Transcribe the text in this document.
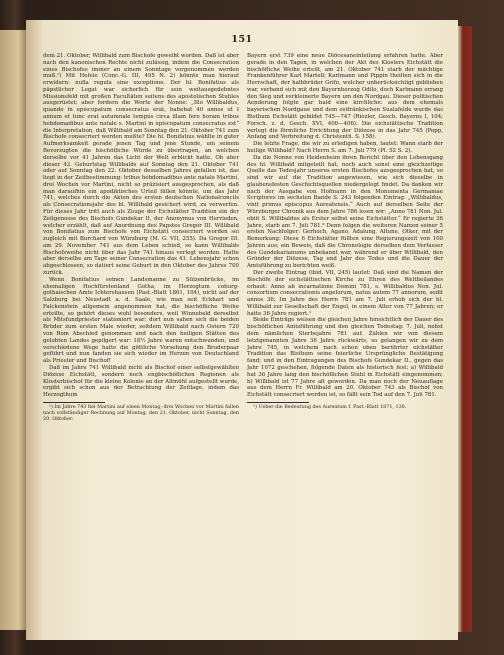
151

dem 21. Oktober, Willibald zum Bischofe geweiht worden. Daß ist aber nach den kanonischen Rechte nicht zulässig, indem die Consecration eines Bischofes immer an einem Sonntage vorgenommen werden muß.¹) Mit Hefele (Conc.-G. III, 495 N. 2) könnte man hierauf erwidern: nulla regula sine exceptione. Der hl. Bonifatius als päpstlicher Legat war sicherlich für sein weitausgedehntes Missionsfeld mit großen Facultäten seitens des apostolischen Stuhles ausgerüstet; aber fordern die Worte der Nonne: „Illo Willibaldus, quando in episcopatum consecratus erat, habebat 40 annos et I annum et tunc erat autumnale tempus circa illam fero horam tribus hebdomadibus ante natale s. Martini in episcopatum consecratus est“ die Interpretation, daß Willibald am Sonntag den 21. Oktober 741 zum Bischofe consecriert werden mußte? Die hl. Bonifatius wählte in guter Aufmerksamkeit gerade jenen Tag und jene Stunde, um seinem Bevorzugten die bischöfliche Würde zu übertragen, an welchen derselbe vor 41 Jahren das Licht der Welt erblickt hatte. Ob aber dieser 42. Geburtstag Willibalds auf Sonntag den 21. Oktober 741 oder auf Sonntag den 22. Oktober desselben Jahres gefallen ist, das liegt in der Zeitbestimmung: tribus hebdomadibus ante natale Martini, drei Wochen vor Martini, nicht so präzisiert ausgesprochen, als daß man daraufhin ein apodiktisches Urteil fällen könnte, um das Jahr 741, welches durch die Akten des ersten deutschen Nationalconcils als Consecrationsjahr des hl. Willibald gesichert wird, zu verwerfen. Für dieses Jahr tritt auch als Zeuge der Eichstätter Tradition ein der Zeitgenosse des Bischofs Gundekar II, der Anonymus von Herrieden, welcher erzählt, daß auf Anordnung des Papstes Gregor III. Willibald von Bonifatius zum Bischofe von Eichstätt consecriert worden sei zugleich mit Burchard von Würzburg (M. G. VII, 255). Da Gregor III. am 29. November 741 aus dem Leben schied, so kann Willibalds Bischofsweihe nicht über das Jahr 741 hinaus verlegt werden. Hatte aber derselbe am Tage seiner Consecration das 41. Lebensjahr schon abgeschlossen, so datiert seine Geburt in den Oktober des Jahres 700 zurück.

Wenn Bonifatius seinen Landsmanne zu Sülzenbrücke, im ehemaligen Hochfürstenland Gotha, im Herzogtum coburg-gothaischen Amte Ichtershausen (Past.-Blatt 1861, 104), nicht auf der Salzburg bei Neustadt a. d. Saale, wie man seit Eckhart und Falckenstein allgemein angenommen hat, die bischöfliche Weihe erteilte, so gehört dieses wohl besonders, weil Winnebald derselbst als Mitsfundpriester stationiert war: dort nun sahen sich die beiden Brüder zum ersten Male wieder, seitdem Willibald nach Ostern 720 von Rom Abschied genommen und nach den heiligen Stätten des gelobten Landes gepilgert war: 18½ Jahre waren entschwunden; und verschiedene Wege hatte die göttliche Vorsehung den Bruderpaar geführt und nun fanden sie sich wieder im Herzen von Deutschland als Priester und Bischof!

Daß im Jahre 741 Willibald nicht als Bischof einer selbstgewählten Diözese Eichstätt, sondern noch engbischöflichen Regionen als Klosterbischof für die kleine Kolonie an der Altmühl aufgestellt wurde, ergibt sich schon aus der Betrachtung der Zeitlage, indem das Herzogthum

¹) Im Jahre 743 fiel Martini auf einen Montag; drei Wochen vor Martini fallen nach vollständiger Rechnung auf Montag, den 21. Oktober, nicht Sonntag, den 20. Oktober.

Bayern erst 739 eine neue Diöcesaneinteilung erfahren hatte. Aber gerade in den Tagen, in welchen der Akt des Klosters Eichstätt die bischöfliche Weihe erteilt, am 21. Oktober 741 starb der mächtige Frankenführer Karl Martell; Karlmann und Pippin theilten sich in die Herrschaft, der halbbrüder Grifo, welcher unberücksichtigt geblieben war, verband sich mit den Bayernherzog Odilo, doch Karlmann errang den Sieg und verkleinerte Bayern um den Nordgau. Dieser politischen Aenderung folgte gar bald eine kirchliche: aus dem ehemals bayerischen Nordgaue und dem ostfränkischen Sualafelde wurde das Bisthum Eichstätt gebildet 745—747 (Riezler, Gesch. Bayerns I, 104; Forsch. z. d. Gesch. XVI, 400—406). Die eichstättische Tradition verlegt die förmliche Errichtung der Diözese in das Jahr 745 (Popp, Anfang und Verbreitung d. Christenth. S. 158).

Die letzte Frage, die wir zu erledigen haben, lautet: Wann starb der heilige Willibald? Nach Herrn S. am 7. Juli 779 (Pl. 52 S. 2).

Da die Nonne von Heidenheim ihren Bericht über den Lebensgang des hl. Willibald mitgeteilt hat, noch auch sonst eine gleichzeitige Quelle das Todesjahr unseres ersten Bischofes ausgesprochen hat, so sind wir auf die Tradition angewiesen, wie sich dieselbe in glaubensfesten Geschichtsquellen niedergelegt findet. Da danken wir nach der Ausgabe von Hofmann in den Monumenta Germaniae Scriptores im sechsten Bande S. 243 folgenden Eintrag: „Willibaldus, vixit primus episcopus Aureatensis.“ Auch auf derselben Seite der Würzburger Chronik aus dem Jahre 786 lesen wir: „Anno 781 Non. Jul. obiit S. Willibaldus als Erster selbst seine Eichstätter.“ Er regierte 36 Jahre, starb am 7. Juli 781.⁹ Denn folgen die weiteren Namen seiner 5 ersten Nachfolger: Gerhoch, Agano, Adalung, Altune, Otker, mit der Bemerkung: Diese 6 Eichstätter füllten eine Regierungszeit von 100 Jahren aus; ein Beweis, daß die Chronologie derselben dem Verfasser des Gundekarianums unbekannt war, während er über Willibald, den Gründer der Diözese, Tag und Jahr des Todes und die Dauer der Amtsführung zu berichten weiß.

Der zweite Eintrag (ibid. VII, 245) lautet: Daß sind die Namen der Bischöfe der eichstättischen Kirche zu Ehren des Weltheilandes erbaut: Anno ab incarnatione Domini 781, s. Willibaldus Non. Jul. consortium consecrationis angelorum, natus autem 77 annorum, sedit annos 36; Im Jahre des Herrn 781 am 7. Juli erhob sich der hl. Willibald zur Gesellschaft der Engel, in einem Alter von 77 Jahren; er hatte 36 Jahre regiert.¹

Beide Einträge weisen die gleichen Jahre hinsichtlich der Dauer des bischöflichen Amtsführung und den gleichen Todestag: 7. Juli, nebst dem nämlichen Sterbejahre 781 auf. Zählen wir von diesem letztgenannten Jahre 36 Jahre rückwärts, so gelangen wir zu dem Jahre 745, in welchem nach schon oben berührter eichstätter Tradition das Bisthum seine feierliche Ursprüngliche Bestätigung fand; und in den Eintragungen des Bischofs Gundekar II., gegen das Jahr 1072 geschehen, folgende Daten als historisch fest: a) Willibald hat 36 Jahre lang den bischöflichen Stuhl in Eichstätt eingenommen; b) Willibald ist 77 Jahre alt geworden. Da man noch der Neuauflage aus dem Herrn Fr. Willibald am 20. Oktober 743 als Bischof von Eichstätt consecriert worden ist, so fällt sein Tod auf den 7. Juli 781.

¹) Ueber die Bedeutung des Aureatum f. Past.-Blatt 1871, 130.
